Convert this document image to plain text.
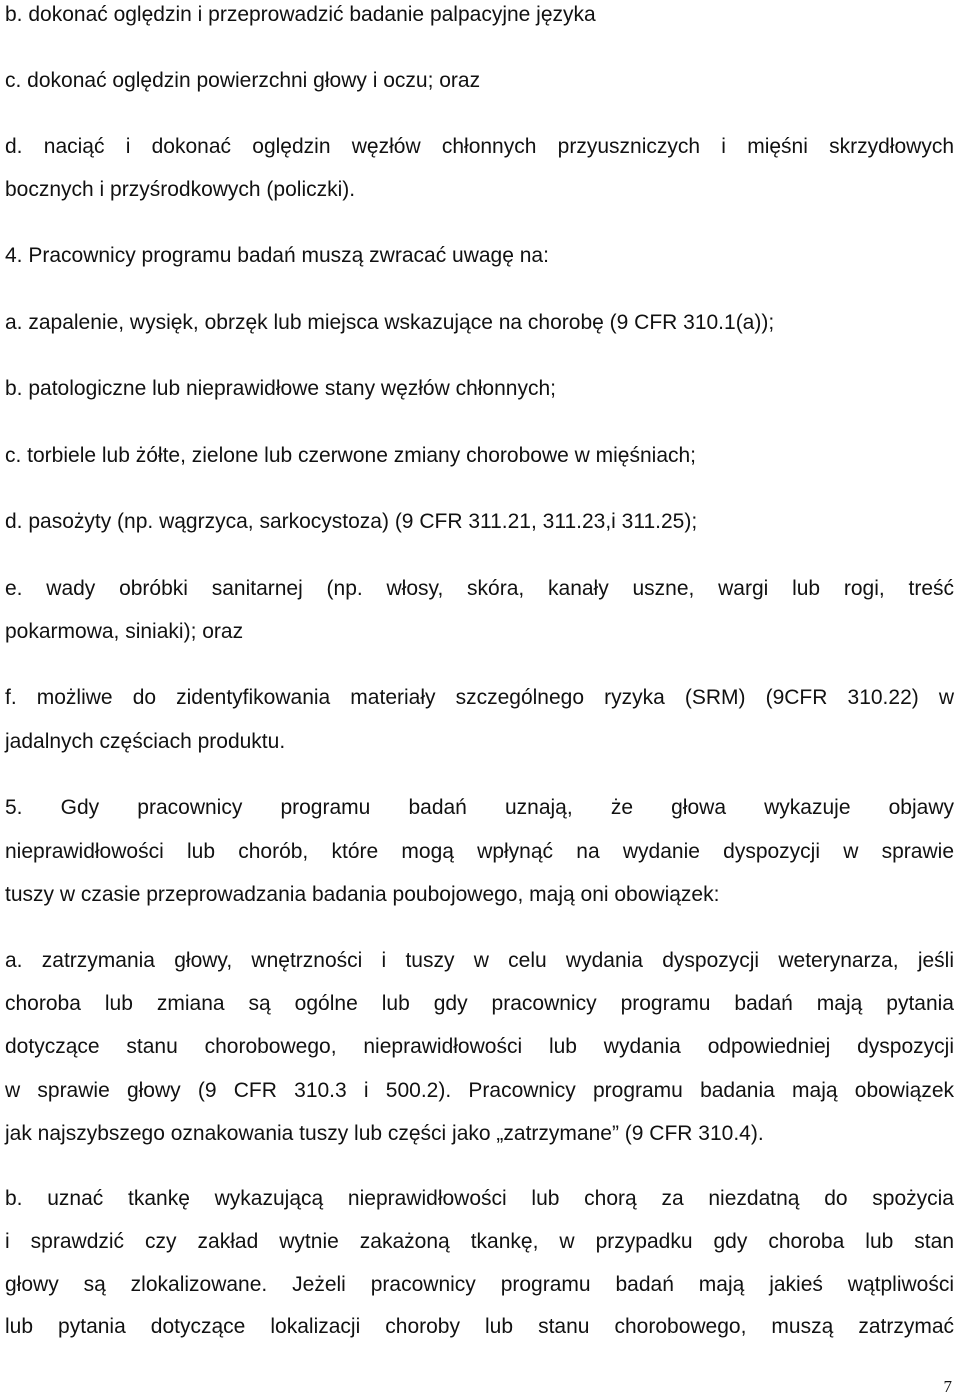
b. dokonać oględzin i przeprowadzić badanie palpacyjne języka
c. dokonać oględzin powierzchni głowy i oczu; oraz
d. naciąć i dokonać oględzin węzłów chłonnych przyuszniczych i mięśni skrzydłowych
bocznych i przyśrodkowych (policzki).
4. Pracownicy programu badań muszą zwracać uwagę na:
a. zapalenie, wysięk, obrzęk lub miejsca wskazujące na chorobę (9 CFR 310.1(a));
b. patologiczne lub nieprawidłowe stany węzłów chłonnych;
c. torbiele lub żółte, zielone lub czerwone zmiany chorobowe w mięśniach;
d. pasożyty (np. wągrzyca, sarkocystoza) (9 CFR 311.21, 311.23,i 311.25);
e. wady obróbki sanitarnej (np. włosy, skóra, kanały uszne, wargi lub rogi, treść
pokarmowa, siniaki); oraz
f. możliwe do zidentyfikowania materiały szczególnego ryzyka (SRM) (9CFR 310.22) w
jadalnych częściach produktu.
5. Gdy pracownicy programu badań uznają, że głowa wykazuje objawy
nieprawidłowości lub chorób, które mogą wpłynąć na wydanie dyspozycji w sprawie
tuszy w czasie przeprowadzania badania poubojowego, mają oni obowiązek:
a. zatrzymania głowy, wnętrzności i tuszy w celu wydania dyspozycji weterynarza, jeśli
choroba lub zmiana są ogólne lub gdy pracownicy programu badań mają pytania
dotyczące stanu chorobowego, nieprawidłowości lub wydania odpowiedniej dyspozycji
w sprawie głowy (9 CFR 310.3 i 500.2). Pracownicy programu badania mają obowiązek
jak najszybszego oznakowania tuszy lub części jako „zatrzymane” (9 CFR 310.4).
b. uznać tkankę wykazującą nieprawidłowości lub chorą za niezdatną do spożycia
i sprawdzić czy zakład wytnie zakażoną tkankę, w przypadku gdy choroba lub stan
głowy są zlokalizowane. Jeżeli pracownicy programu badań mają jakieś wątpliwości
lub pytania dotyczące lokalizacji choroby lub stanu chorobowego, muszą zatrzymać
7
